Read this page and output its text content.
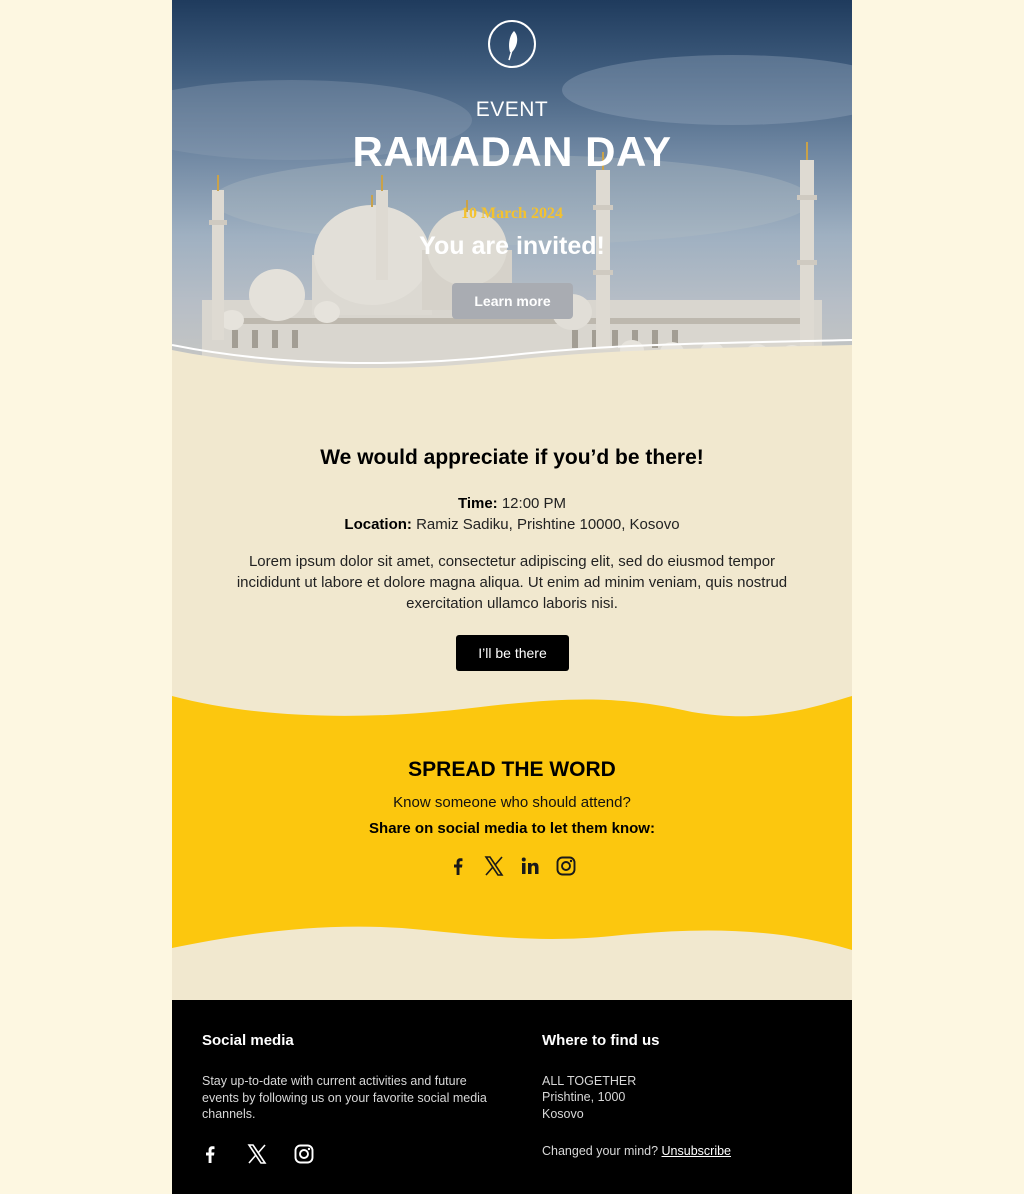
EVENT
RAMADAN DAY
10 March 2024
You are invited!
Learn more
We would appreciate if you’d be there!
Time: 12:00 PM
Location: Ramiz Sadiku, Prishtine 10000, Kosovo
Lorem ipsum dolor sit amet, consectetur adipiscing elit, sed do eiusmod tempor incididunt ut labore et dolore magna aliqua. Ut enim ad minim veniam, quis nostrud exercitation ullamco laboris nisi.
I’ll be there
SPREAD THE WORD
Know someone who should attend?
Share on social media to let them know:
Social media

Stay up-to-date with current activities and future events by following us on your favorite social media channels.

Where to find us

ALL TOGETHER

Prishtine, 1000

Kosovo

Changed your mind? Unsubscribe
